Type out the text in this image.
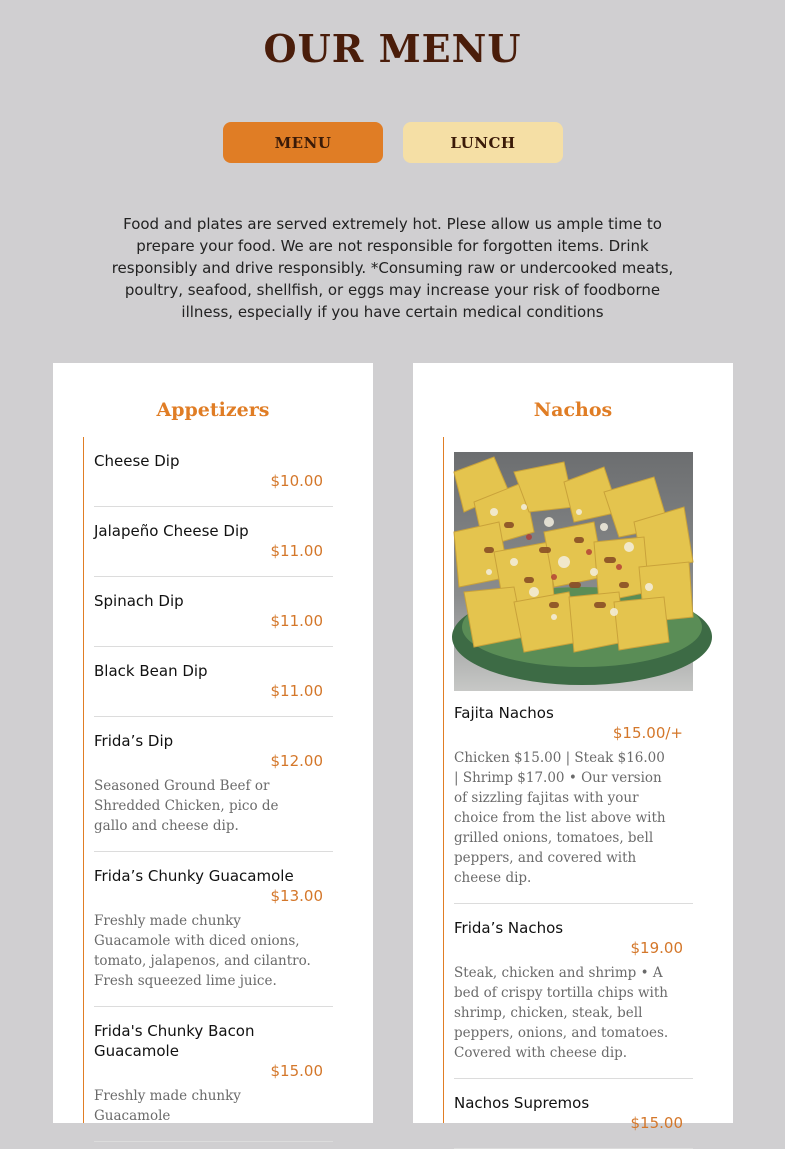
OUR MENU
MENU	LUNCH

Food and plates are served extremely hot. Plese allow us ample time to prepare your food. We are not responsible for forgotten items. Drink responsibly and drive responsibly. *Consuming raw or undercooked meats, poultry, seafood, shellfish, or eggs may increase your risk of foodborne illness, especially if you have certain medical conditions

Appetizers
Cheese Dip
$10.00
Jalapeño Cheese Dip
$11.00
Spinach Dip
$11.00
Black Bean Dip
$11.00
Frida’s Dip
$12.00
Seasoned Ground Beef or Shredded Chicken, pico de gallo and cheese dip.
Frida’s Chunky Guacamole
$13.00
Freshly made chunky Guacamole with diced onions, tomato, jalapenos, and cilantro. Fresh squeezed lime juice.
Frida's Chunky Bacon Guacamole
$15.00
Freshly made chunky Guacamole
Nachos
Fajita Nachos
$15.00/+
Chicken $15.00 | Steak $16.00 | Shrimp $17.00 • Our version of sizzling fajitas with your choice from the list above with grilled onions, tomatoes, bell peppers, and covered with cheese dip.
Frida’s Nachos
$19.00
Steak, chicken and shrimp • A bed of crispy tortilla chips with shrimp, chicken, steak, bell peppers, onions, and tomatoes. Covered with cheese dip.
Nachos Supremos
$15.00
